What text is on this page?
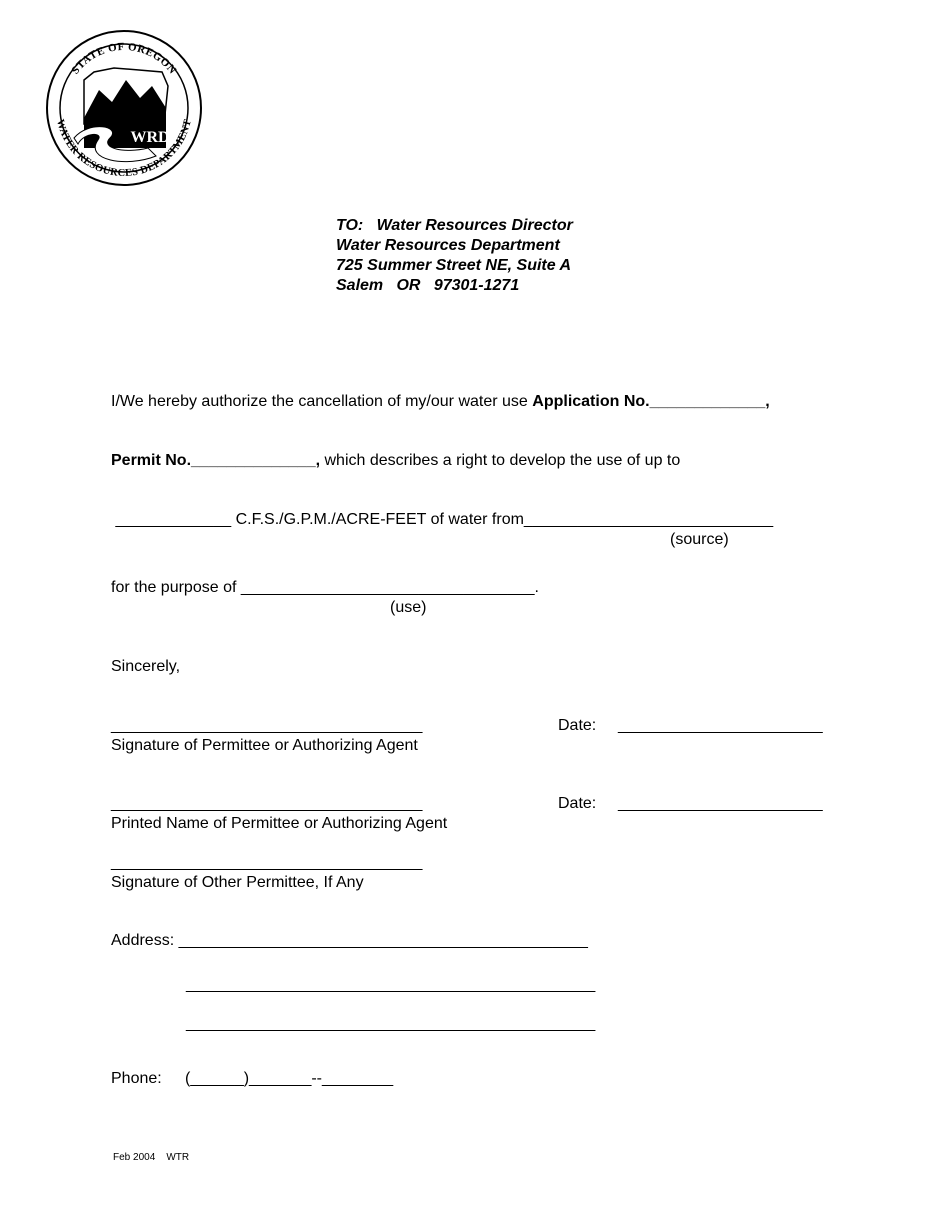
STATE OF OREGON
WATER RESOURCES DEPARTMENT
WRD
TO:   Water Resources Director
Water Resources Department
725 Summer Street NE, Suite A
Salem   OR   97301-1271
I/We hereby authorize the cancellation of my/our water use Application No._____________,
Permit No.______________, which describes a right to develop the use of up to
_____________ C.F.S./G.P.M./ACRE-FEET of water from____________________________
(source)
for the purpose of _________________________________.
(use)
Sincerely,
___________________________________
Signature of Permittee or Authorizing Agent
Date: _______________________
___________________________________
Printed Name of Permittee or Authorizing Agent
Date: _______________________
___________________________________
Signature of Other Permittee, If Any
Address: ______________________________________________
______________________________________________
______________________________________________
Phone: (______)_______--________
Feb 2004    WTR
